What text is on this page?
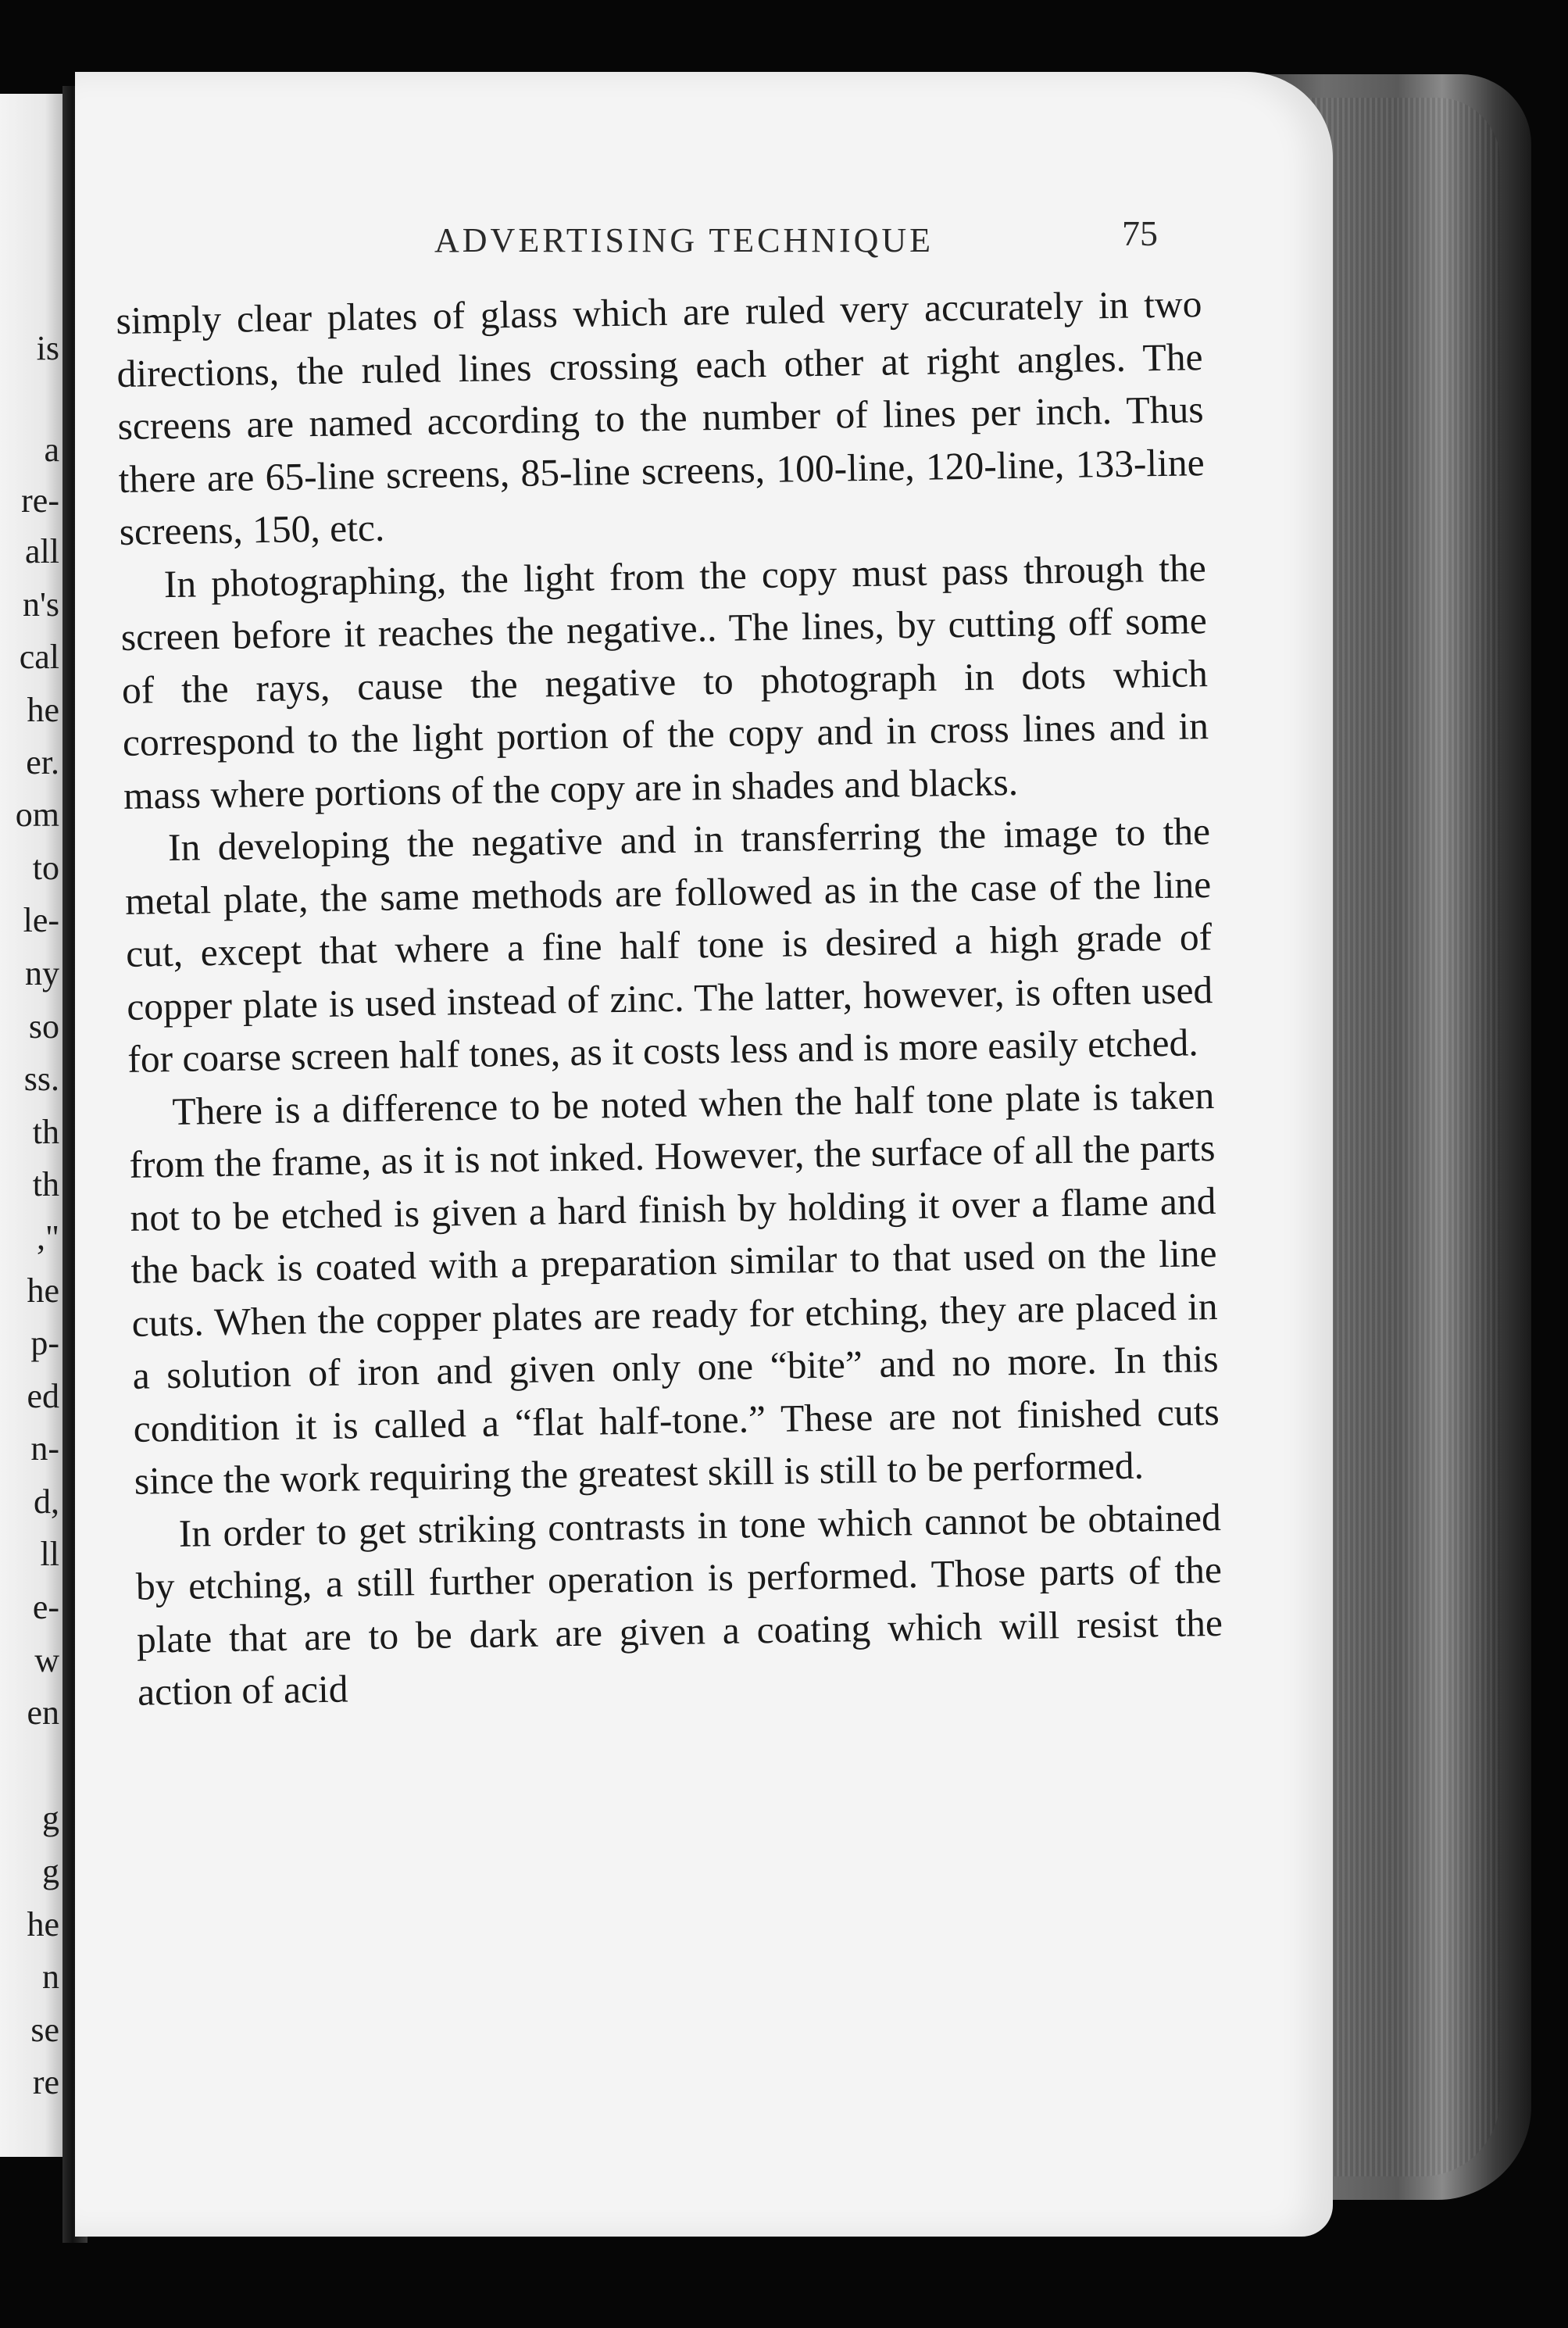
is
a
re-
all
n's
cal
he
er.
om
to
le-
ny
so
ss.
th
th
,"
he
p-
ed
n-
d,
ll
e-
w
en
g
g
he
n
se
re
ADVERTISING TECHNIQUE	75

simply clear plates of glass which are ruled very accurately in two directions, the ruled lines crossing each other at right angles. The screens are named according to the number of lines per inch. Thus there are 65-line screens, 85-line screens, 100-line, 120-line, 133-line screens, 150, etc.

In photographing, the light from the copy must pass through the screen before it reaches the negative.. The lines, by cutting off some of the rays, cause the negative to photograph in dots which correspond to the light portion of the copy and in cross lines and in mass where portions of the copy are in shades and blacks.

In developing the negative and in transferring the image to the metal plate, the same methods are followed as in the case of the line cut, except that where a fine half tone is desired a high grade of copper plate is used instead of zinc. The latter, however, is often used for coarse screen half tones, as it costs less and is more easily etched.

There is a difference to be noted when the half tone plate is taken from the frame, as it is not inked. However, the surface of all the parts not to be etched is given a hard finish by holding it over a flame and the back is coated with a preparation similar to that used on the line cuts. When the copper plates are ready for etching, they are placed in a solution of iron and given only one “bite” and no more. In this condition it is called a “flat half-tone.” These are not finished cuts since the work requiring the greatest skill is still to be performed.

In order to get striking contrasts in tone which cannot be obtained by etching, a still further operation is performed. Those parts of the plate that are to be dark are given a coating which will resist the action of acid
